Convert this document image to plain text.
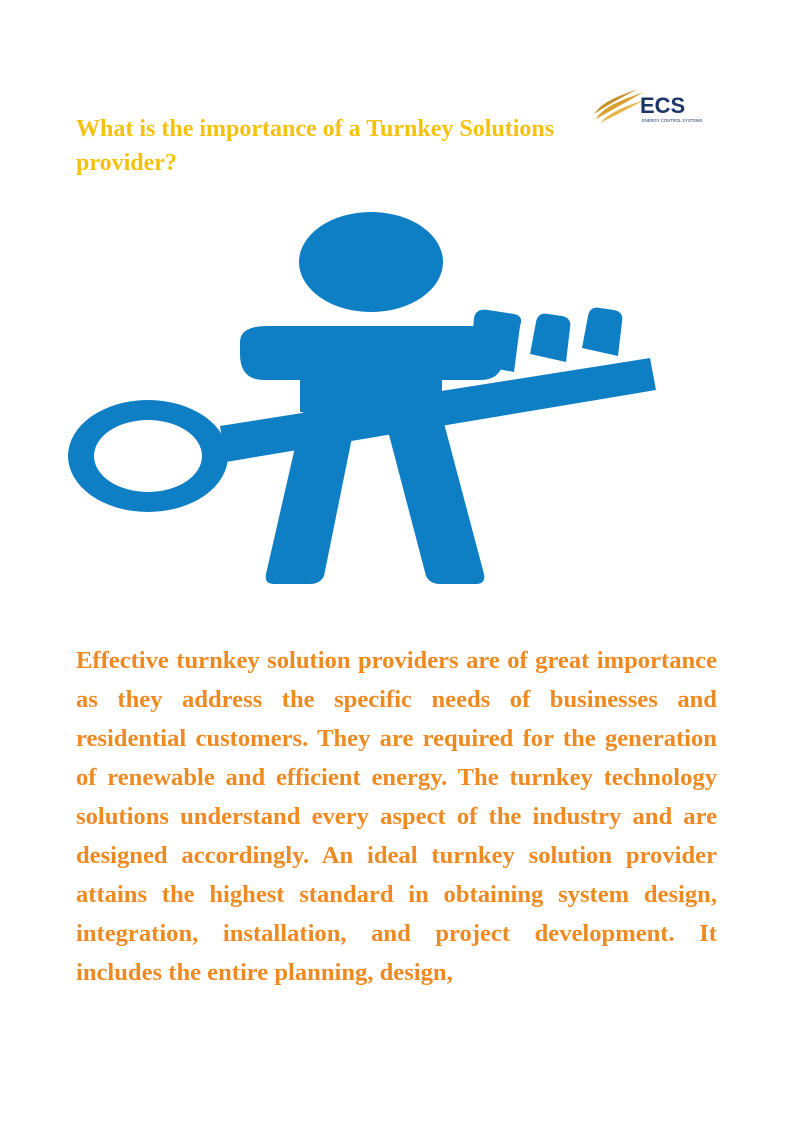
ECS
ENERGY CONTROL SYSTEMS
What is the importance of a Turnkey Solutions provider?

Effective turnkey solution providers are of great importance as they address the specific needs of businesses and residential customers. They are required for the generation of renewable and efficient energy. The turnkey technology solutions understand every aspect of the industry and are designed accordingly. An ideal turnkey solution provider attains the highest standard in obtaining system design, integration, installation, and project development. It includes the entire planning, design,
